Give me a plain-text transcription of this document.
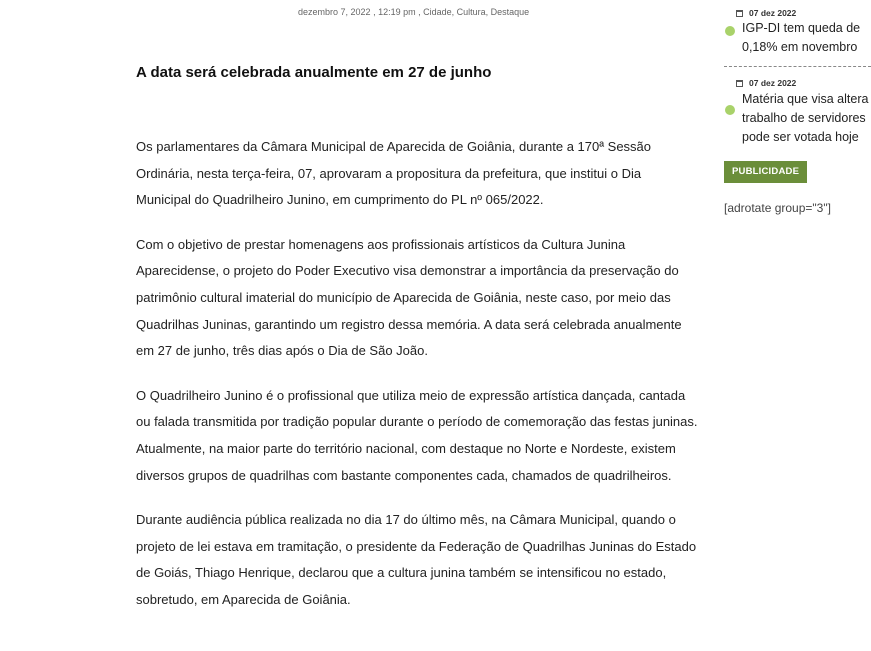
dezembro 7, 2022 , 12:19 pm , Cidade, Cultura, Destaque
A data será celebrada anualmente em 27 de junho

Os parlamentares da Câmara Municipal de Aparecida de Goiânia, durante a 170ª Sessão Ordinária, nesta terça-feira, 07, aprovaram a propositura da prefeitura, que institui o Dia Municipal do Quadrilheiro Junino, em cumprimento do PL nº 065/2022.

Com o objetivo de prestar homenagens aos profissionais artísticos da Cultura Junina Aparecidense, o projeto do Poder Executivo visa demonstrar a importância da preservação do patrimônio cultural imaterial do município de Aparecida de Goiânia, neste caso, por meio das Quadrilhas Juninas, garantindo um registro dessa memória. A data será celebrada anualmente em 27 de junho, três dias após o Dia de São João.

O Quadrilheiro Junino é o profissional que utiliza meio de expressão artística dançada, cantada ou falada transmitida por tradição popular durante o período de comemoração das festas juninas. Atualmente, na maior parte do território nacional, com destaque no Norte e Nordeste, existem diversos grupos de quadrilhas com bastante componentes cada, chamados de quadrilheiros.

Durante audiência pública realizada no dia 17 do último mês, na Câmara Municipal, quando o projeto de lei estava em tramitação, o presidente da Federação de Quadrilhas Juninas do Estado de Goiás, Thiago Henrique, declarou que a cultura junina também se intensificou no estado, sobretudo, em Aparecida de Goiânia.

07 dez 2022
IGP-DI tem queda de
0,18% em novembro
07 dez 2022
Matéria que visa altera
trabalho de servidores
pode ser votada hoje
PUBLICIDADE
[adrotate group="3"]
